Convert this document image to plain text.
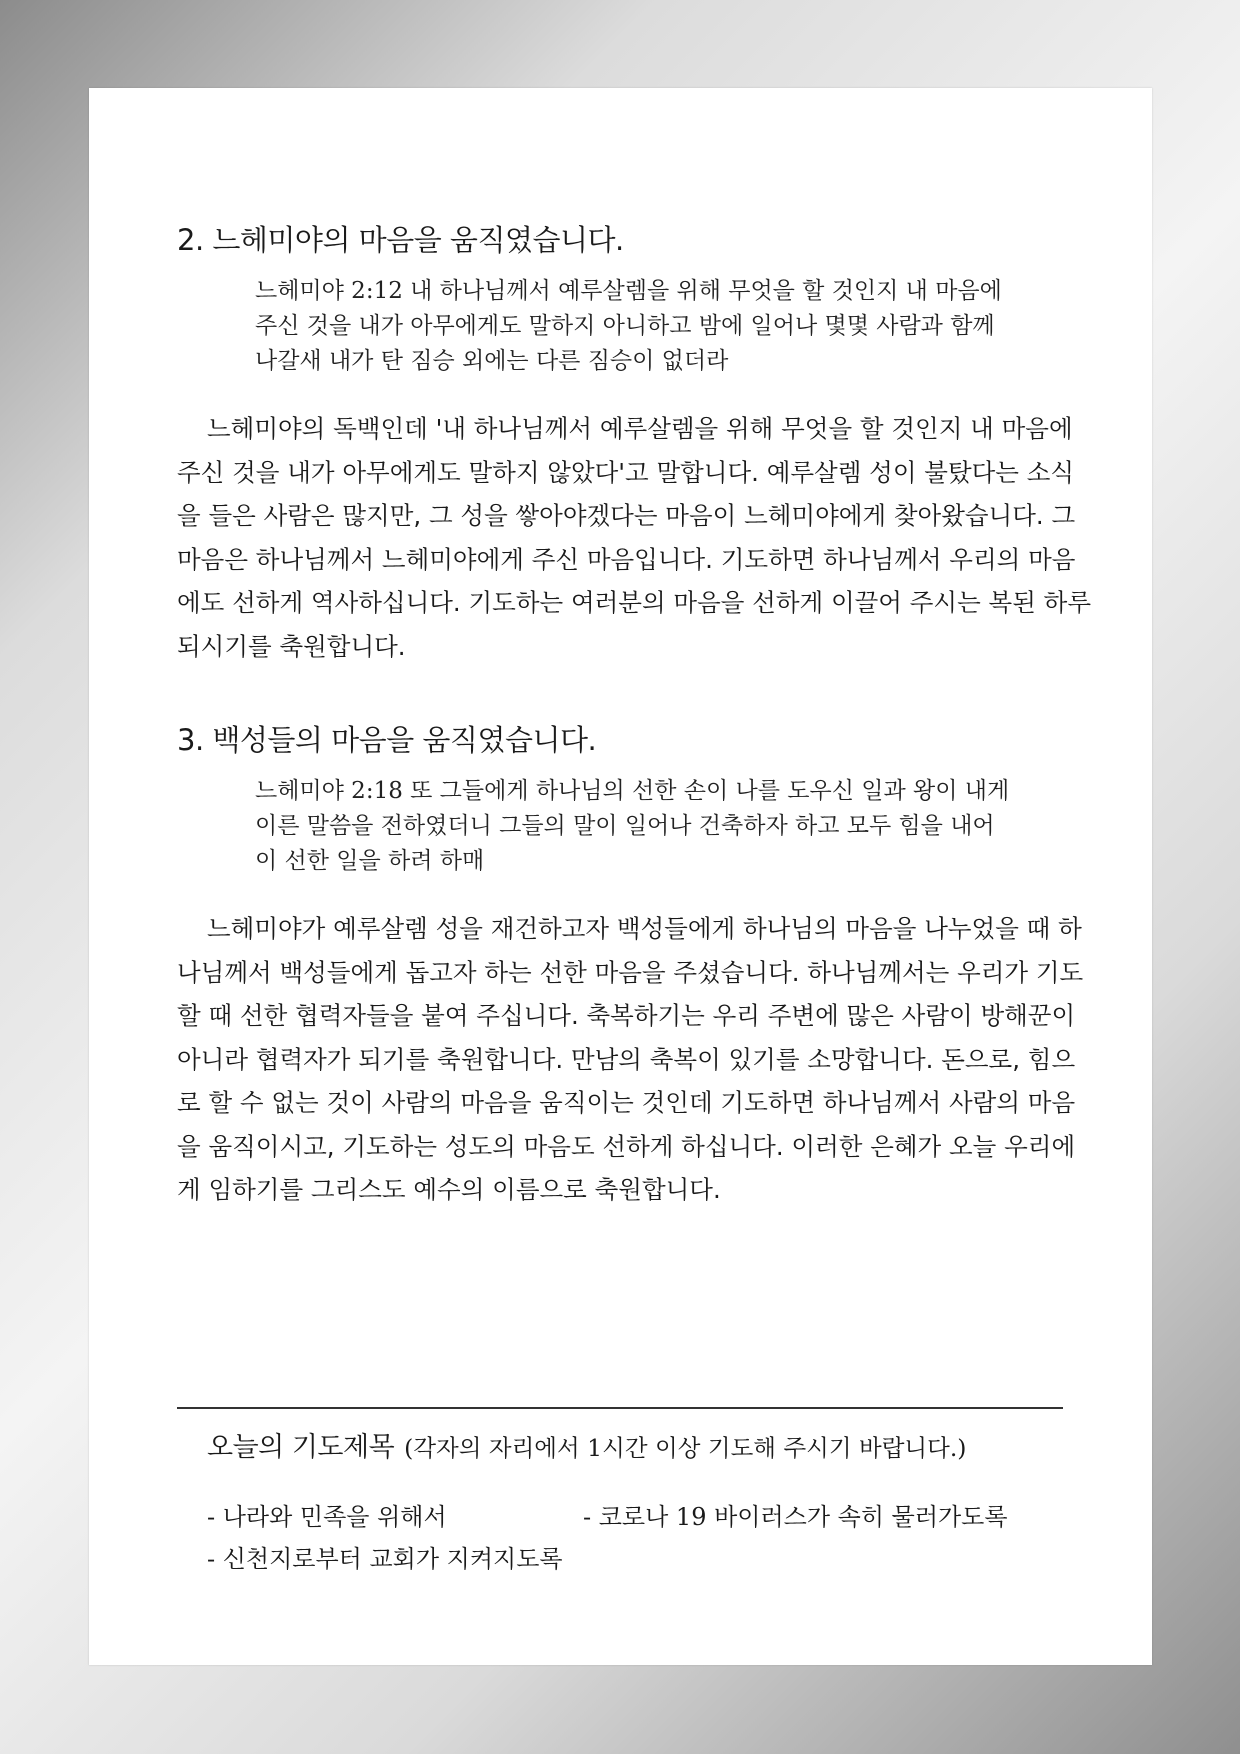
2. 느헤미야의 마음을 움직였습니다.
느헤미야 2:12 내 하나님께서 예루살렘을 위해 무엇을 할 것인지 내 마음에
주신 것을 내가 아무에게도 말하지 아니하고 밤에 일어나 몇몇 사람과 함께
나갈새 내가 탄 짐승 외에는 다른 짐승이 없더라
느헤미야의 독백인데 '내 하나님께서 예루살렘을 위해 무엇을 할 것인지 내 마음에
주신 것을 내가 아무에게도 말하지 않았다'고 말합니다. 예루살렘 성이 불탔다는 소식
을 들은 사람은 많지만, 그 성을 쌓아야겠다는 마음이 느헤미야에게 찾아왔습니다. 그
마음은 하나님께서 느헤미야에게 주신 마음입니다. 기도하면 하나님께서 우리의 마음
에도 선하게 역사하십니다. 기도하는 여러분의 마음을 선하게 이끌어 주시는 복된 하루
되시기를 축원합니다.
3. 백성들의 마음을 움직였습니다.
느헤미야 2:18 또 그들에게 하나님의 선한 손이 나를 도우신 일과 왕이 내게
이른 말씀을 전하였더니 그들의 말이 일어나 건축하자 하고 모두 힘을 내어
이 선한 일을 하려 하매
느헤미야가 예루살렘 성을 재건하고자 백성들에게 하나님의 마음을 나누었을 때 하
나님께서 백성들에게 돕고자 하는 선한 마음을 주셨습니다. 하나님께서는 우리가 기도
할 때 선한 협력자들을 붙여 주십니다. 축복하기는 우리 주변에 많은 사람이 방해꾼이
아니라 협력자가 되기를 축원합니다. 만남의 축복이 있기를 소망합니다. 돈으로, 힘으
로 할 수 없는 것이 사람의 마음을 움직이는 것인데 기도하면 하나님께서 사람의 마음
을 움직이시고, 기도하는 성도의 마음도 선하게 하십니다. 이러한 은혜가 오늘 우리에
게 임하기를 그리스도 예수의 이름으로 축원합니다.
오늘의 기도제목 (각자의 자리에서 1시간 이상 기도해 주시기 바랍니다.)
- 나라와 민족을 위해서	- 코로나 19 바이러스가 속히 물러가도록
- 신천지로부터 교회가 지켜지도록
